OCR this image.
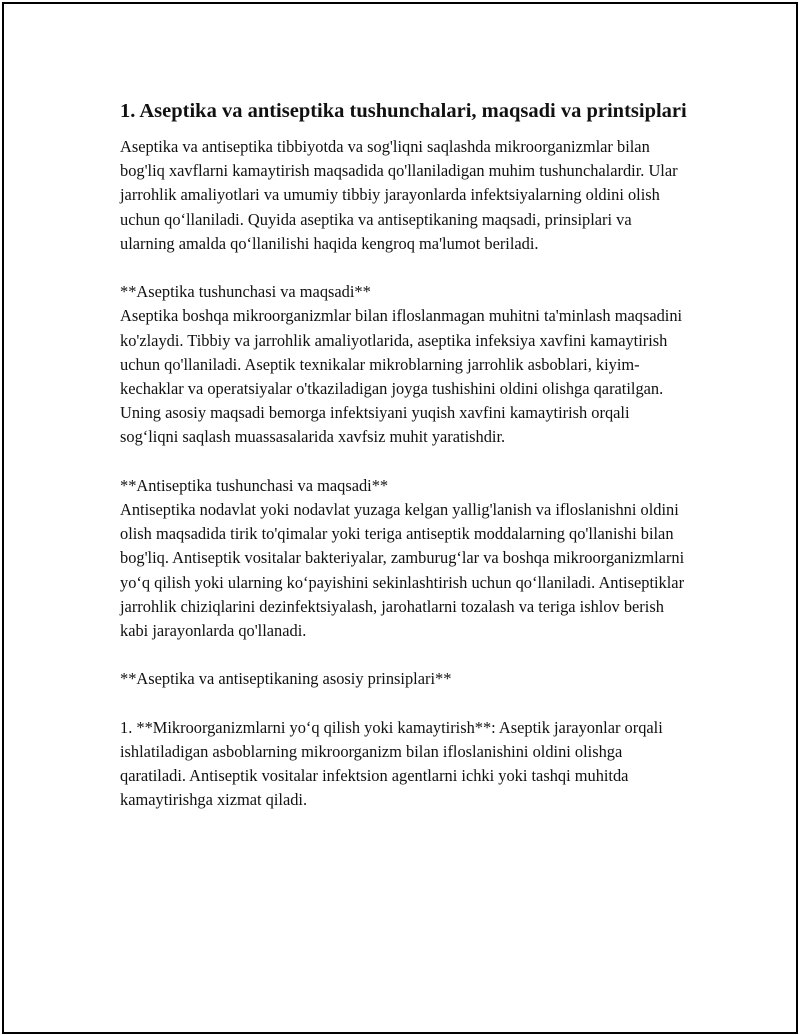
1. Aseptika va antiseptika tushunchalari, maqsadi va printsiplari

Aseptika va antiseptika tibbiyotda va sog'liqni saqlashda mikroorganizmlar bilan bog'liq xavflarni kamaytirish maqsadida qo'llaniladigan muhim tushunchalardir. Ular jarrohlik amaliyotlari va umumiy tibbiy jarayonlarda infektsiyalarning oldini olish uchun qo‘llaniladi. Quyida aseptika va antiseptikaning maqsadi, prinsiplari va ularning amalda qo‘llanilishi haqida kengroq ma'lumot beriladi.

**Aseptika tushunchasi va maqsadi**

Aseptika boshqa mikroorganizmlar bilan ifloslanmagan muhitni ta'minlash maqsadini ko'zlaydi. Tibbiy va jarrohlik amaliyotlarida, aseptika infeksiya xavfini kamaytirish uchun qo'llaniladi. Aseptik texnikalar mikroblarning jarrohlik asboblari, kiyim-kechaklar va operatsiyalar o'tkaziladigan joyga tushishini oldini olishga qaratilgan. Uning asosiy maqsadi bemorga infektsiyani yuqish xavfini kamaytirish orqali sog‘liqni saqlash muassasalarida xavfsiz muhit yaratishdir.

**Antiseptika tushunchasi va maqsadi**

Antiseptika nodavlat yoki nodavlat yuzaga kelgan yallig'lanish va ifloslanishni oldini olish maqsadida tirik to'qimalar yoki teriga antiseptik moddalarning qo'llanishi bilan bog'liq. Antiseptik vositalar bakteriyalar, zamburug‘lar va boshqa mikroorganizmlarni yo‘q qilish yoki ularning ko‘payishini sekinlashtirish uchun qo‘llaniladi. Antiseptiklar jarrohlik chiziqlarini dezinfektsiyalash, jarohatlarni tozalash va teriga ishlov berish kabi jarayonlarda qo'llanadi.

**Aseptika va antiseptikaning asosiy prinsiplari**

1. **Mikroorganizmlarni yo‘q qilish yoki kamaytirish**: Aseptik jarayonlar orqali ishlatiladigan asboblarning mikroorganizm bilan ifloslanishini oldini olishga qaratiladi. Antiseptik vositalar infektsion agentlarni ichki yoki tashqi muhitda kamaytirishga xizmat qiladi.
